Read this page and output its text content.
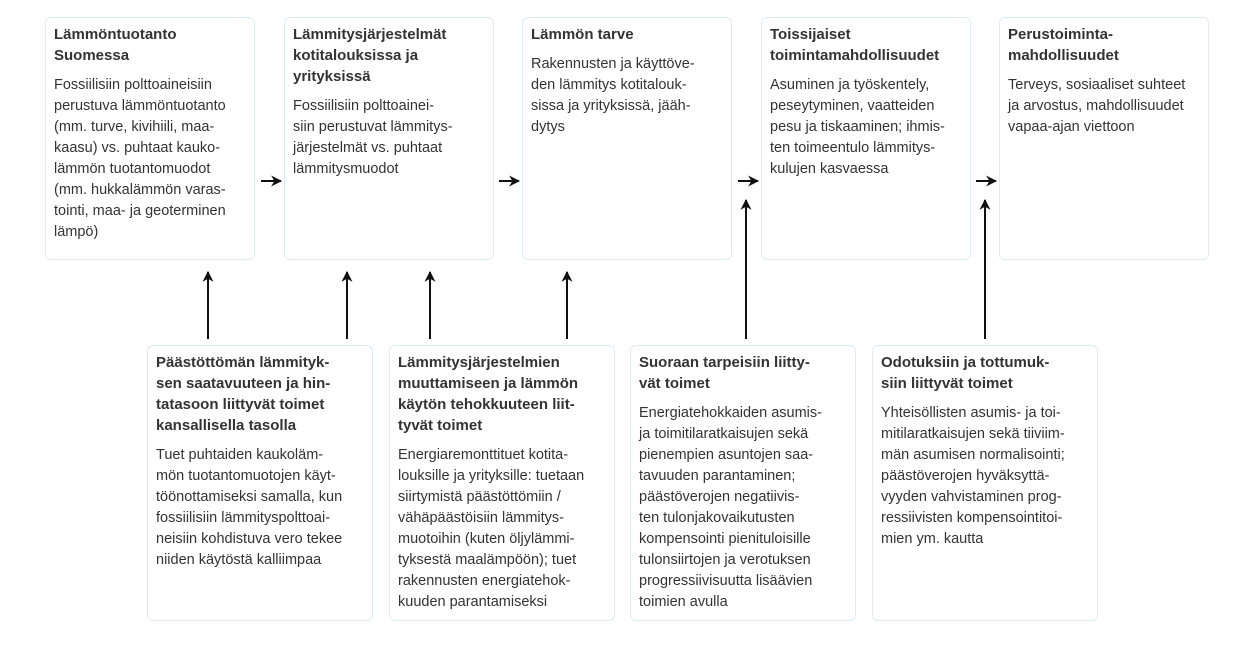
Lämmöntuotanto
Suomessa

Fossiilisiin polttoaineisiin
perustuva lämmöntuotanto
(mm. turve, kivihiili, maa-
kaasu) vs. puhtaat kauko-
lämmön tuotantomuodot
(mm. hukkalämmön varas-
tointi, maa- ja geoterminen
lämpö)

Lämmitysjärjestelmät
kotitalouksissa ja
yrityksissä

Fossiilisiin polttoainei-
siin perustuvat lämmitys-
järjestelmät vs. puhtaat
lämmitysmuodot

Lämmön tarve

Rakennusten ja käyttöve-
den lämmitys kotitalouk-
sissa ja yrityksissä, jääh-
dytys

Toissijaiset
toimintamahdollisuudet

Asuminen ja työskentely,
peseytyminen, vaatteiden
pesu ja tiskaaminen; ihmis-
ten toimeentulo lämmitys-
kulujen kasvaessa

Perustoiminta-
mahdollisuudet

Terveys, sosiaaliset suhteet
ja arvostus, mahdollisuudet
vapaa-ajan viettoon

Päästöttömän lämmityk-
sen saatavuuteen ja hin-
tatasoon liittyvät toimet
kansallisella tasolla

Tuet puhtaiden kaukoläm-
mön tuotantomuotojen käyt-
töönottamiseksi samalla, kun
fossiilisiin lämmityspolttoai-
neisiin kohdistuva vero tekee
niiden käytöstä kalliimpaa

Lämmitysjärjestelmien
muuttamiseen ja lämmön
käytön tehokkuuteen liit-
tyvät toimet

Energiaremonttituet kotita-
louksille ja yrityksille: tuetaan
siirtymistä päästöttömiin /
vähäpäästöisiin lämmitys-
muotoihin (kuten öljylämmi-
tyksestä maalämpöön); tuet
rakennusten energiatehok-
kuuden parantamiseksi

Suoraan tarpeisiin liitty-
vät toimet

Energiatehokkaiden asumis-
ja toimitilaratkaisujen sekä
pienempien asuntojen saa-
tavuuden parantaminen;
päästöverojen negatiivis-
ten tulonjakovaikutusten
kompensointi pienituloisille
tulonsiirtojen ja verotuksen
progressiivisuutta lisäävien
toimien avulla

Odotuksiin ja tottumuk-
siin liittyvät toimet

Yhteisöllisten asumis- ja toi-
mitilaratkaisujen sekä tiiviim-
män asumisen normalisointi;
päästöverojen hyväksyttä-
vyyden vahvistaminen prog-
ressiivisten kompensointitoi-
mien ym. kautta
